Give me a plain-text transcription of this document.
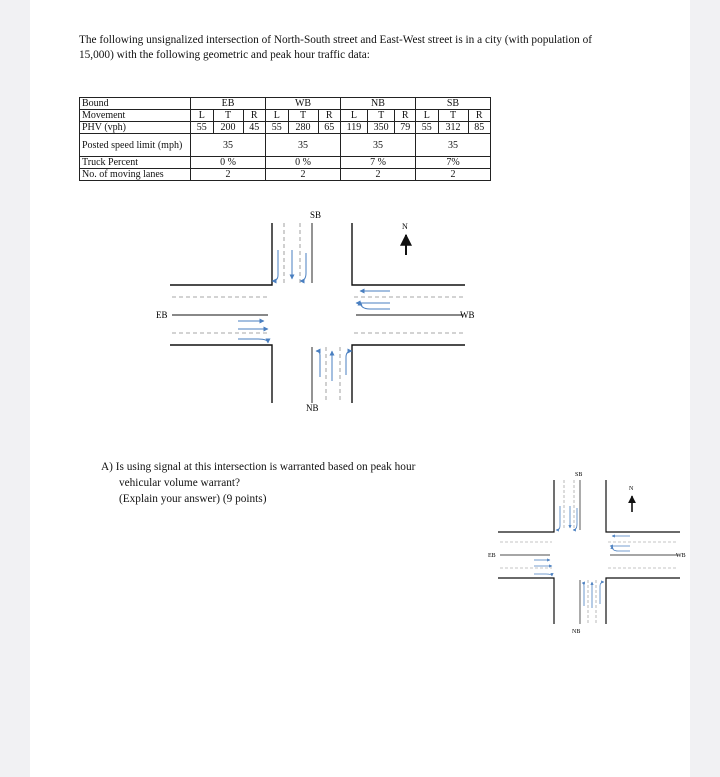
The following unsignalized intersection of North-South street and East-West street is in a city (with population of 15,000) with the following geometric and peak hour traffic data:

Bound	EB			WB			NB			SB		
Movement	L	T	R	L	T	R	L	T	R	L	T	R
PHV (vph)	55	200	45	55	280	65	119	350	79	55	312	85
Posted speed limit (mph)	35			35			35			35		
Truck Percent	0 %			0 %			7 %			7%		
No. of moving lanes	2			2			2			2		
N
SB
NB
EB	WB
A) Is using signal at this intersection is warranted based on peak hour
vehicular volume warrant?
(Explain your answer) (9 points)
N
SB
NB
EB	WB
